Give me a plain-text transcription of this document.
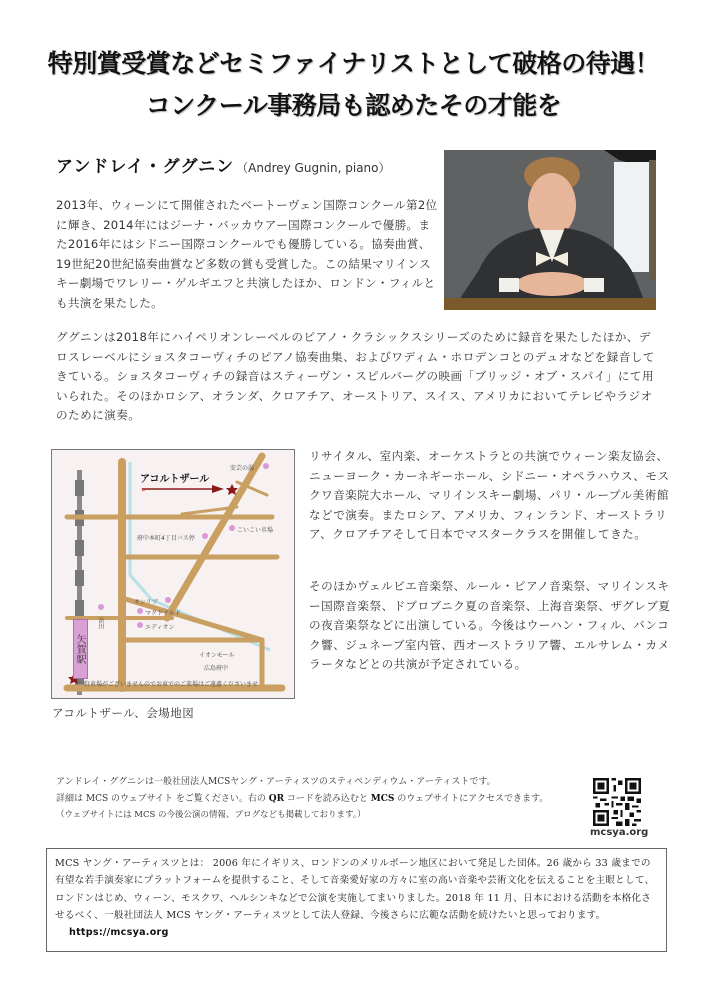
特別賞受賞などセミファイナリストとして破格の待遇！
コンクール事務局も認めたその才能を
アンドレイ・ググニン （Andrey Gugnin, piano）
2013年、ウィーンにて開催されたベートーヴェン国際コンクール第2位に輝き、2014年にはジーナ・バッカウアー国際コンクールで優勝。また2016年にはシドニー国際コンクールでも優勝している。協奏曲賞、19世紀20世紀協奏曲賞など多数の賞も受賞した。この結果マリインスキー劇場でワレリー・ゲルギエフと共演したほか、ロンドン・フィルとも共演を果たした。
ググニンは2018年にハイペリオンレーベルのピアノ・クラシックスシリーズのために録音を果たしたほか、デロスレーベルにショスタコーヴィチのピアノ協奏曲集、およびワディム・ホロデンコとのデュオなどを録音してきている。ショスタコーヴィチの録音はスティーヴン・スピルバーグの映画「ブリッジ・オブ・スパイ」にて用いられた。そのほかロシア、オランダ、クロアチア、オーストリア、スイス、アメリカにおいてテレビやラジオのために演奏。
»
アコルトザール
矢賀駅
安芸の湯
府中本町4丁目バス停
こいこい市場
サンリブ
マクドナルド
エディオン
イオンモール
広島府中
浜田
駐車場がございませんのでお車でのご来場はご遠慮くださいませ
アコルトザール、会場地図
リサイタル、室内楽、オーケストラとの共演でウィーン楽友協会、ニューヨーク・カーネギーホール、シドニー・オペラハウス、モスクワ音楽院大ホール、マリインスキー劇場、パリ・ループル美術館などで演奏。またロシア、アメリカ、フィンランド、オーストラリア、クロアチアそして日本でマスタークラスを開催してきた。
そのほかヴェルビエ音楽祭、ルール・ピアノ音楽祭、マリインスキー国際音楽祭、ドブロブニク夏の音楽祭、上海音楽祭、ザグレブ夏の夜音楽祭などに出演している。今後はウーハン・フィル、バンコク響、ジュネーブ室内管、西オーストラリア響、エルサレム・カメラータなどとの共演が予定されている。
アンドレイ・ググニンは一般社団法人MCSヤング・アーティスツのスティペンディウム・アーティストです。
詳細は MCS のウェブサイト をご覧ください。右の QR コードを読み込むと MCS のウェブサイトにアクセスできます。
（ウェブサイトには MCS の今後公演の情報、ブログなども掲載しております。）
mcsya.org
MCS ヤング・アーティスツとは： 2006 年にイギリス、ロンドンのメリルボーン地区において発足した団体。26 歳から 33 歳までの有望な若手演奏家にプラットフォームを提供すること、そして音楽愛好家の方々に室の高い音楽や芸術文化を伝えることを主眼として、ロンドンはじめ、ウィーン、モスクワ、ヘルシンキなどで公演を実施してまいりました。2018 年 11 月、日本における活動を本格化させるべく、一般社団法人 MCS ヤング・アーティスツとして法人登録、今後さらに広範な活動を続けたいと思っております。https://mcsya.org
